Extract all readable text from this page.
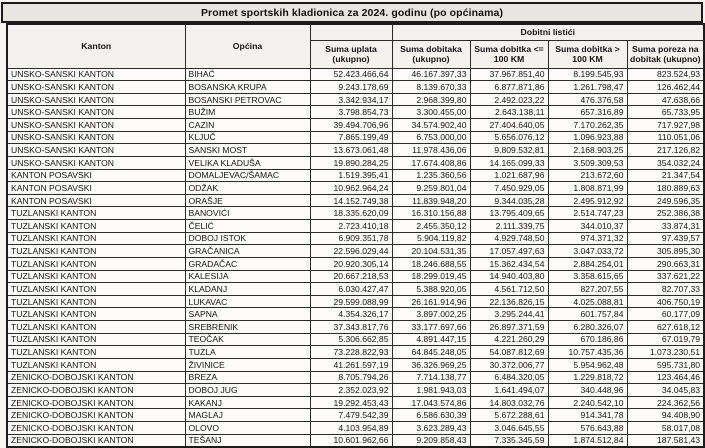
Promet sportskih kladionica za 2024. godinu (po općinama)
Kanton	Općina		Dobitni listići			
		Suma uplata (ukupno)	Suma dobitaka (ukupno)	Suma dobitka <= 100 KM	Suma dobitka > 100 KM	Suma poreza na dobitak (ukupno)
UNSKO-SANSKI KANTON	BIHAĆ	52.423.466,64	46.167.397,33	37.967.851,40	8.199.545,93	823.524,93
UNSKO-SANSKI KANTON	BOSANSKA KRUPA	9.243.178,69	8.139.670,33	6.877.871,86	1.261.798,47	126.462,44
UNSKO-SANSKI KANTON	BOSANSKI PETROVAC	3.342.934,17	2.968.399,80	2.492.023,22	476.376,58	47.638,66
UNSKO-SANSKI KANTON	BUŽIM	3.798.854,73	3.300.455,00	2.643.138,11	657.316,89	65.733,95
UNSKO-SANSKI KANTON	CAZIN	39.494.706,96	34.574.902,40	27.404.640,05	7.170.262,35	717.927,98
UNSKO-SANSKI KANTON	KLJUČ	7.865.199,49	6.753.000,00	5.656.076,12	1.096.923,88	110.051,06
UNSKO-SANSKI KANTON	SANSKI MOST	13.673.061,48	11.978.436,06	9.809.532,81	2.168.903,25	217.126,82
UNSKO-SANSKI KANTON	VELIKA KLADUŠA	19.890.284,25	17.674.408,86	14.165.099,33	3.509.309,53	354.032,24
KANTON POSAVSKI	DOMALJEVAC/ŠAMAC	1.519.395,41	1.235.360,56	1.021.687,96	213.672,60	21.347,54
KANTON POSAVSKI	ODŽAK	10.962.964,24	9.259.801,04	7.450.929,05	1.808.871,99	180.889,63
KANTON POSAVSKI	ORAŠJE	14.152.749,38	11.839.948,20	9.344.035,28	2.495.912,92	249.596,35
TUZLANSKI KANTON	BANOVIĆI	18.335.620,09	16.310.156,88	13.795.409,65	2.514.747,23	252.386,38
TUZLANSKI KANTON	ČELIĆ	2.723.410,18	2.455.350,12	2.111.339,75	344.010,37	33.874,31
TUZLANSKI KANTON	DOBOJ ISTOK	6.909.351,78	5.904.119,82	4.929.748,50	974.371,32	97.439,57
TUZLANSKI KANTON	GRAČANICA	22.596.029,44	20.104.531,35	17.057.497,63	3.047.033,72	305.895,30
TUZLANSKI KANTON	GRADAČAC	20.920.305,14	18.246.688,55	15.362.434,54	2.884.254,01	290.663,31
TUZLANSKI KANTON	KALESIJA	20.667.218,53	18.299.019,45	14.940.403,80	3.358.615,65	337.621,22
TUZLANSKI KANTON	KLADANJ	6.030.427,47	5.388.920,05	4.561.712,50	827.207,55	82.707,33
TUZLANSKI KANTON	LUKAVAC	29.599.088,99	26.161.914,96	22.136.826,15	4.025.088,81	406.750,19
TUZLANSKI KANTON	SAPNA	4.354.326,17	3.897.002,25	3.295.244,41	601.757,84	60.177,09
TUZLANSKI KANTON	SREBRENIK	37.343.817,76	33.177.697,66	26.897.371,59	6.280.326,07	627.618,12
TUZLANSKI KANTON	TEOČAK	5.306.662,85	4.891.447,15	4.221.260,29	670.186,86	67.019,79
TUZLANSKI KANTON	TUZLA	73.228.822,93	64.845.248,05	54.087.812,69	10.757.435,36	1.073.230,51
TUZLANSKI KANTON	ŽIVINICE	41.261.597,19	36.326.969,25	30.372.006,77	5.954.962,48	595.731,80
ZENICKO-DOBOJSKI KANTON	BREZA	8.705.794,26	7.714.138,77	6.484.320,05	1.229.818,72	123.464,46
ZENICKO-DOBOJSKI KANTON	DOBOJ JUG	2.352.023,92	1.981.943,03	1.641.494,07	340.448,96	34.045,83
ZENICKO-DOBOJSKI KANTON	KAKANJ	19.292.453,43	17.043.574,86	14.803.032,76	2.240.542,10	224.362,56
ZENICKO-DOBOJSKI KANTON	MAGLAJ	7.479.542,39	6.586.630,39	5.672.288,61	914.341,78	94.408,90
ZENICKO-DOBOJSKI KANTON	OLOVO	4.103.954,89	3.623.289,43	3.046.645,55	576.643,88	58.017,08
ZENICKO-DOBOJSKI KANTON	TEŠANJ	10.601.962,66	9.209.858,43	7.335.345,59	1.874.512,84	187.581,43
